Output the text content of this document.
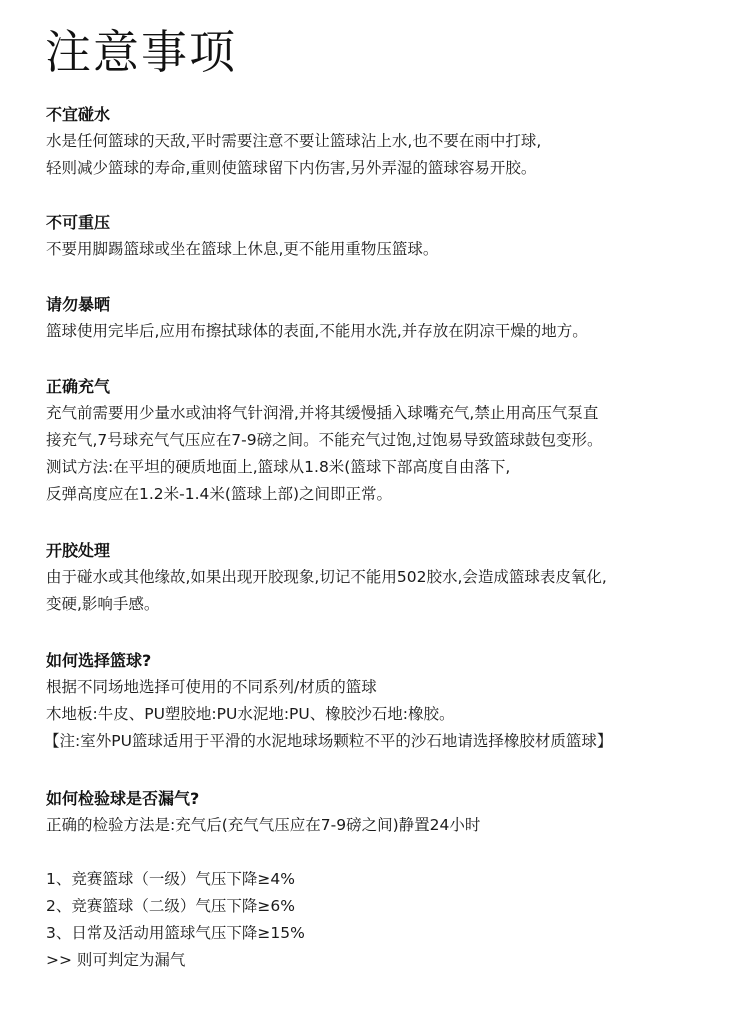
注意事项
不宜碰水

水是任何篮球的天敌,平时需要注意不要让篮球沾上水,也不要在雨中打球,

轻则减少篮球的寿命,重则使篮球留下内伤害,另外弄湿的篮球容易开胶。

不可重压

不要用脚踢篮球或坐在篮球上休息,更不能用重物压篮球。

请勿暴晒

篮球使用完毕后,应用布擦拭球体的表面,不能用水洗,并存放在阴凉干燥的地方。

正确充气

充气前需要用少量水或油将气针润滑,并将其缓慢插入球嘴充气,禁止用高压气泵直

接充气,7号球充气气压应在7-9磅之间。不能充气过饱,过饱易导致篮球鼓包变形。

测试方法:在平坦的硬质地面上,篮球从1.8米(篮球下部高度自由落下,

反弹高度应在1.2米-1.4米(篮球上部)之间即正常。

开胶处理

由于碰水或其他缘故,如果出现开胶现象,切记不能用502胶水,会造成篮球表皮氧化,

变硬,影响手感。

如何选择篮球?

根据不同场地选择可使用的不同系列/材质的篮球

木地板:牛皮、PU塑胶地:PU水泥地:PU、橡胶沙石地:橡胶。

【注:室外PU篮球适用于平滑的水泥地球场颗粒不平的沙石地请选择橡胶材质篮球】

如何检验球是否漏气?

正确的检验方法是:充气后(充气气压应在7-9磅之间)静置24小时

1、竞赛篮球（一级）气压下降≥4%
2、竞赛篮球（二级）气压下降≥6%
3、日常及活动用篮球气压下降≥15%
>> 则可判定为漏气
